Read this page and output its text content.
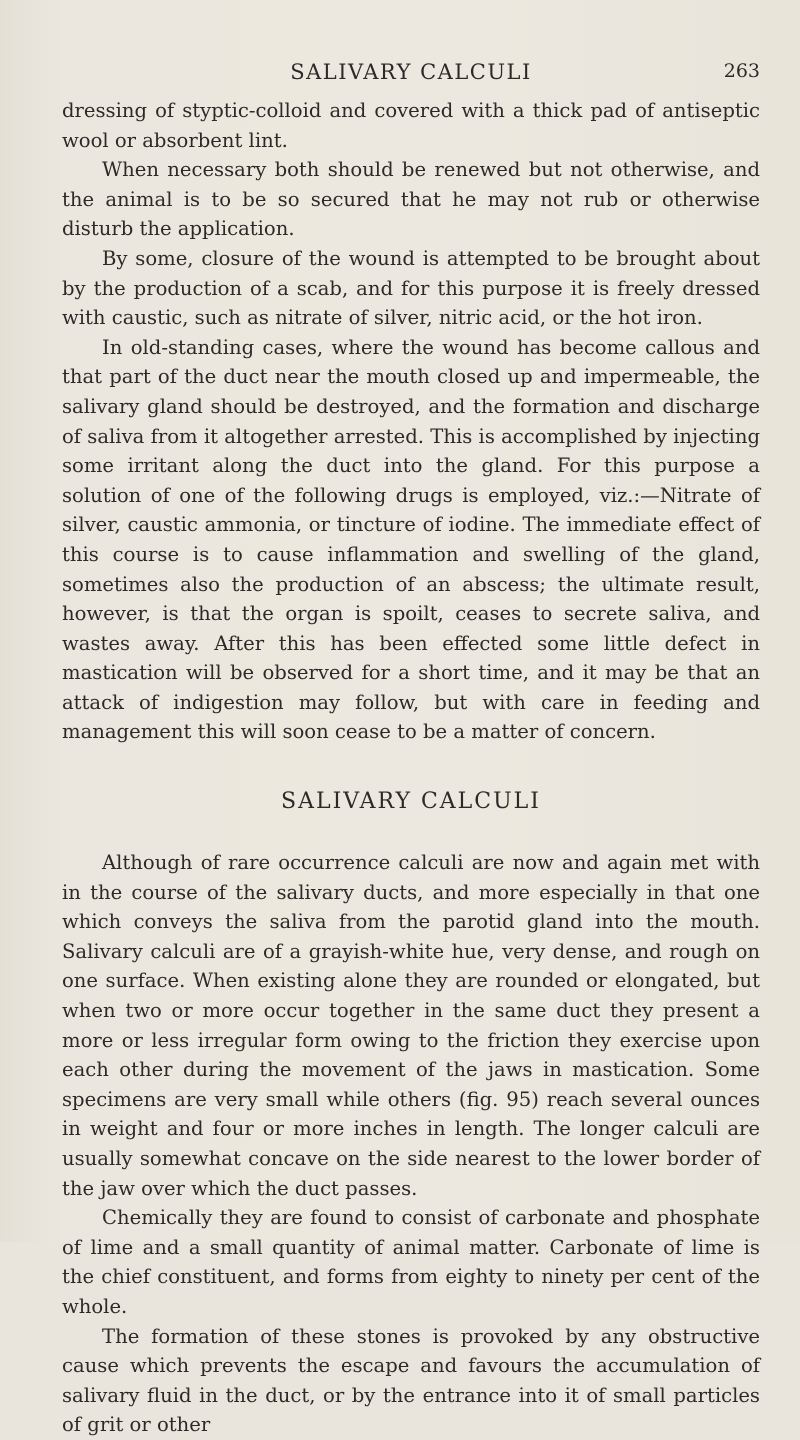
SALIVARY CALCULI	263

dressing of styptic-colloid and covered with a thick pad of antiseptic wool or absorbent lint.

When necessary both should be renewed but not otherwise, and the animal is to be so secured that he may not rub or otherwise disturb the application.

By some, closure of the wound is attempted to be brought about by the production of a scab, and for this purpose it is freely dressed with caustic, such as nitrate of silver, nitric acid, or the hot iron.

In old-standing cases, where the wound has become callous and that part of the duct near the mouth closed up and impermeable, the salivary gland should be destroyed, and the formation and discharge of saliva from it altogether arrested. This is accomplished by injecting some irritant along the duct into the gland. For this purpose a solution of one of the following drugs is employed, viz.:—Nitrate of silver, caustic ammonia, or tincture of iodine. The immediate effect of this course is to cause inflammation and swelling of the gland, sometimes also the production of an abscess; the ultimate result, however, is that the organ is spoilt, ceases to secrete saliva, and wastes away. After this has been effected some little defect in mastication will be observed for a short time, and it may be that an attack of indigestion may follow, but with care in feeding and management this will soon cease to be a matter of concern.

SALIVARY CALCULI

Although of rare occurrence calculi are now and again met with in the course of the salivary ducts, and more especially in that one which conveys the saliva from the parotid gland into the mouth. Salivary calculi are of a grayish-white hue, very dense, and rough on one surface. When existing alone they are rounded or elongated, but when two or more occur together in the same duct they present a more or less irregular form owing to the friction they exercise upon each other during the movement of the jaws in mastication. Some specimens are very small while others (fig. 95) reach several ounces in weight and four or more inches in length. The longer calculi are usually somewhat concave on the side nearest to the lower border of the jaw over which the duct passes.

Chemically they are found to consist of carbonate and phosphate of lime and a small quantity of animal matter. Carbonate of lime is the chief constituent, and forms from eighty to ninety per cent of the whole.

The formation of these stones is provoked by any obstructive cause which prevents the escape and favours the accumulation of salivary fluid in the duct, or by the entrance into it of small particles of grit or other
